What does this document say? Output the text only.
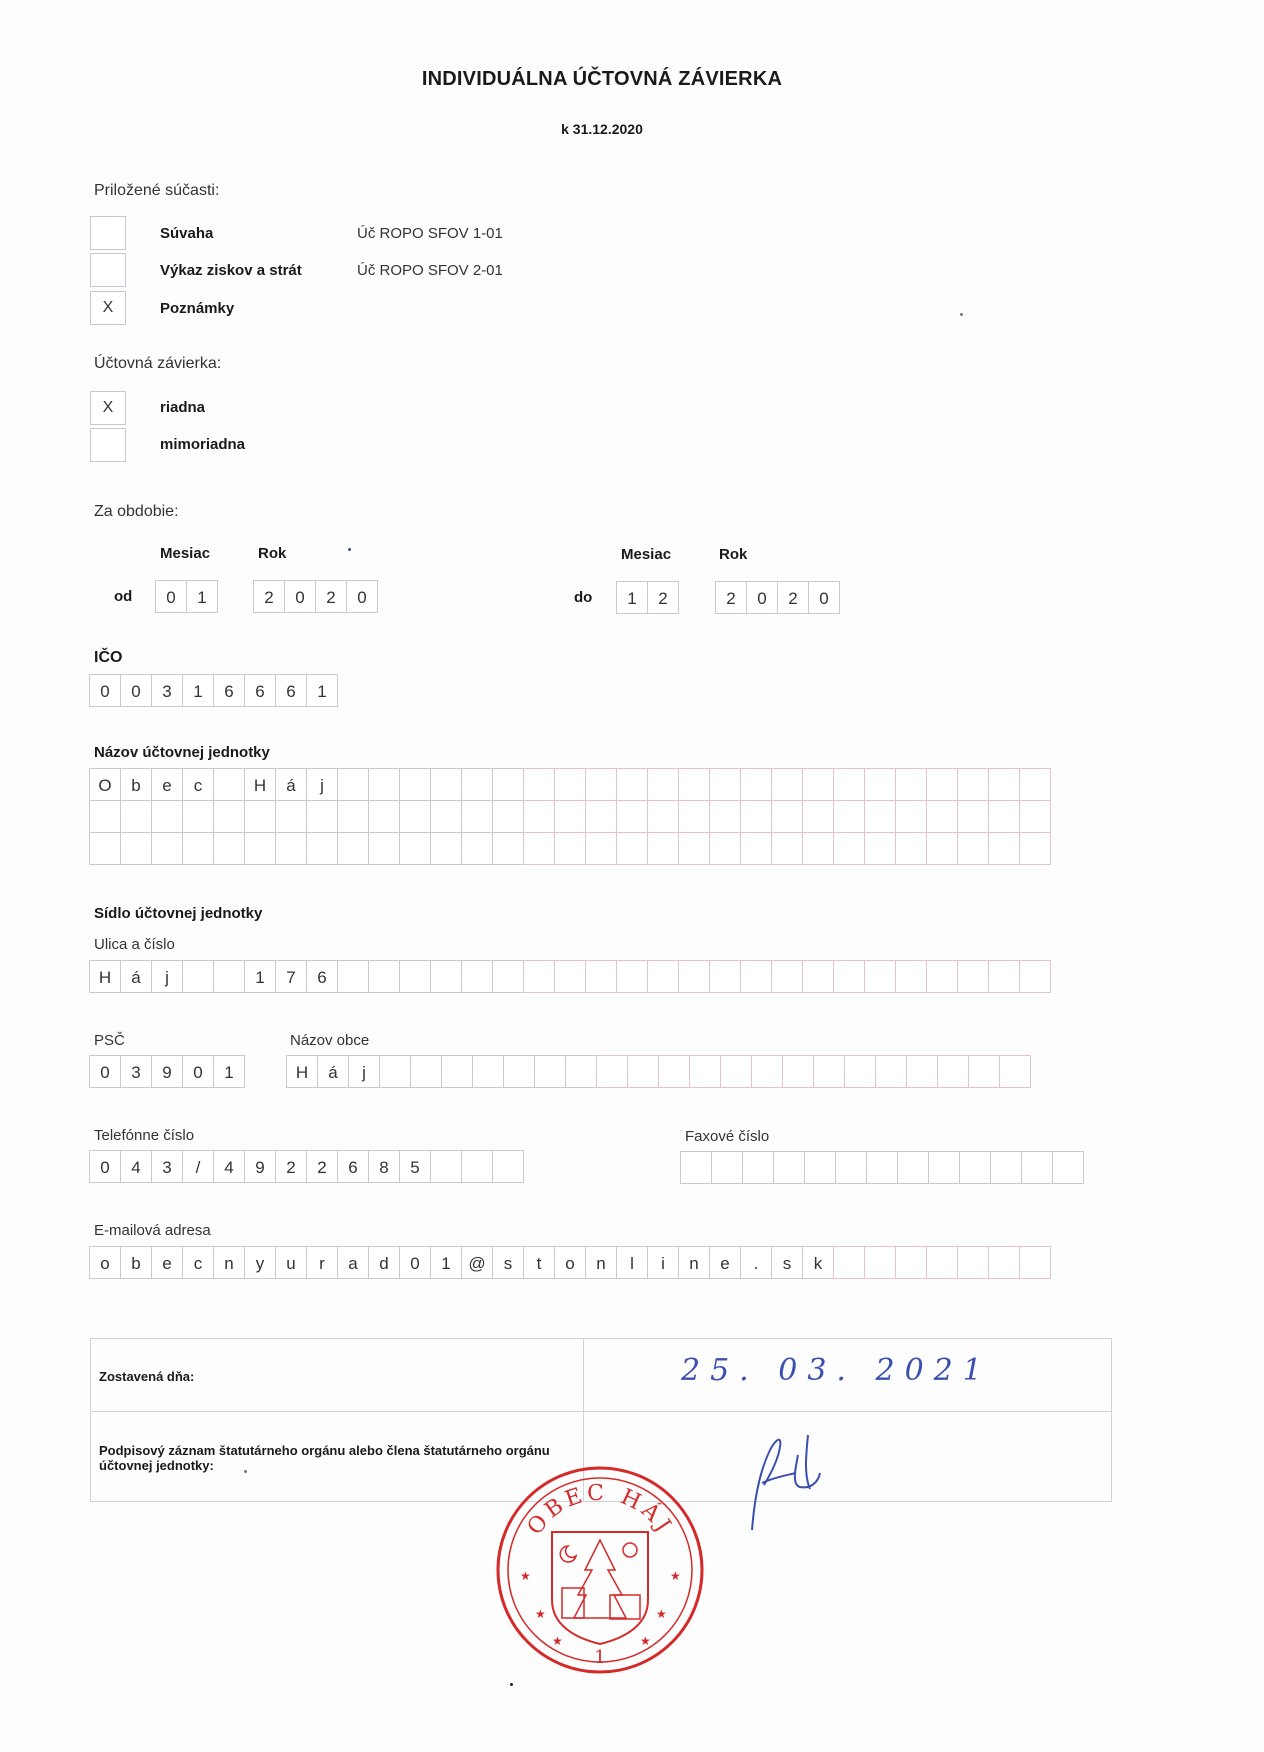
INDIVIDUÁLNA ÚČTOVNÁ ZÁVIERKA
k 31.12.2020
Priložené súčasti:
Súvaha	Úč ROPO SFOV 1-01
Výkaz ziskov a strát	Úč ROPO SFOV 2-01
X	Poznámky
Účtovná závierka:
X	riadna
mimoriadna
Za obdobie:
Mesiac	Rok	Mesiac	Rok
od	0	1	2	0	2	0	do	1	2	2	0	2	0
IČO
0	0	3	1	6	6	6	1
Názov účtovnej jednotky
O	b	e	c	H	á	j
Sídlo účtovnej jednotky
Ulica a číslo
H	á	j	1	7	6
PSČ
0	3	9	0	1
Názov obce
H	á	j
Telefónne číslo
0	4	3	/	4	9	2	2	6	8	5
Faxové číslo
E-mailová adresa
o	b	e	c	n	y	u	r	a	d	0	1	@	s	t	o	n	l	i	n	e	.	s	k
Zostavená dňa:	25. 03. 2021
Podpisový záznam štatutárneho orgánu alebo člena štatutárneho orgánu účtovnej jednotky:
OBEC HÁJ
★	★
★	★
★	★
1
